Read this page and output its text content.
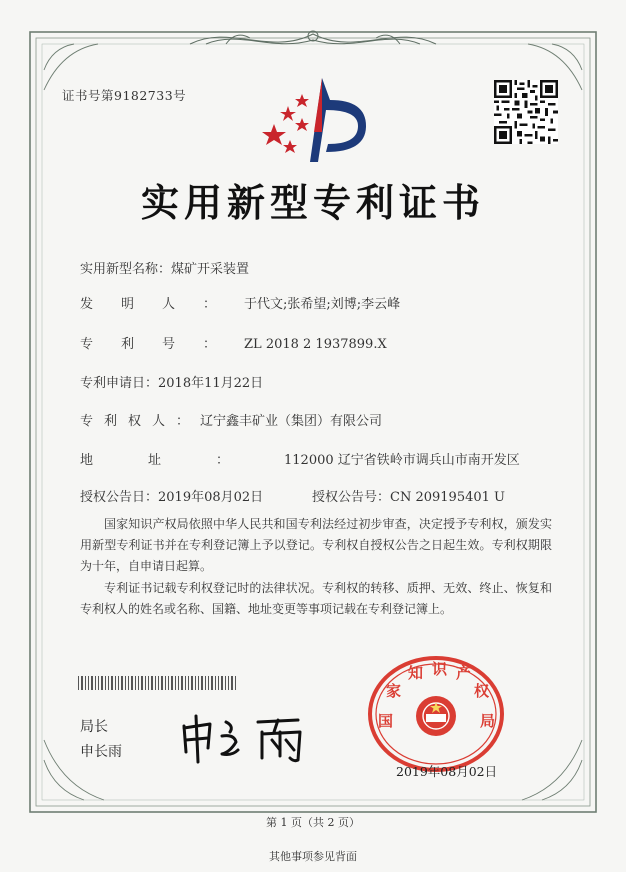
证书号第9182733号
实用新型专利证书
实用新型名称：煤矿开采装置
发明人：于代文;张希望;刘博;李云峰
专利号：ZL 2018 2 1937899.X
专利申请日：2018年11月22日
专利权人：辽宁鑫丰矿业（集团）有限公司
地址：112000 辽宁省铁岭市调兵山市南开发区
授权公告日：2019年08月02日	授权公告号：CN 209195401 U
国家知识产权局依照中华人民共和国专利法经过初步审查，决定授予专利权，颁发实用新型专利证书并在专利登记簿上予以登记。专利权自授权公告之日起生效。专利权期限为十年，自申请日起算。
专利证书记载专利权登记时的法律状况。专利权的转移、质押、无效、终止、恢复和专利权人的姓名或名称、国籍、地址变更等事项记载在专利登记簿上。
局长
申长雨
国
家
知 识 产
权
局
2019年08月02日
第 1 页（共 2 页）
其他事项参见背面
